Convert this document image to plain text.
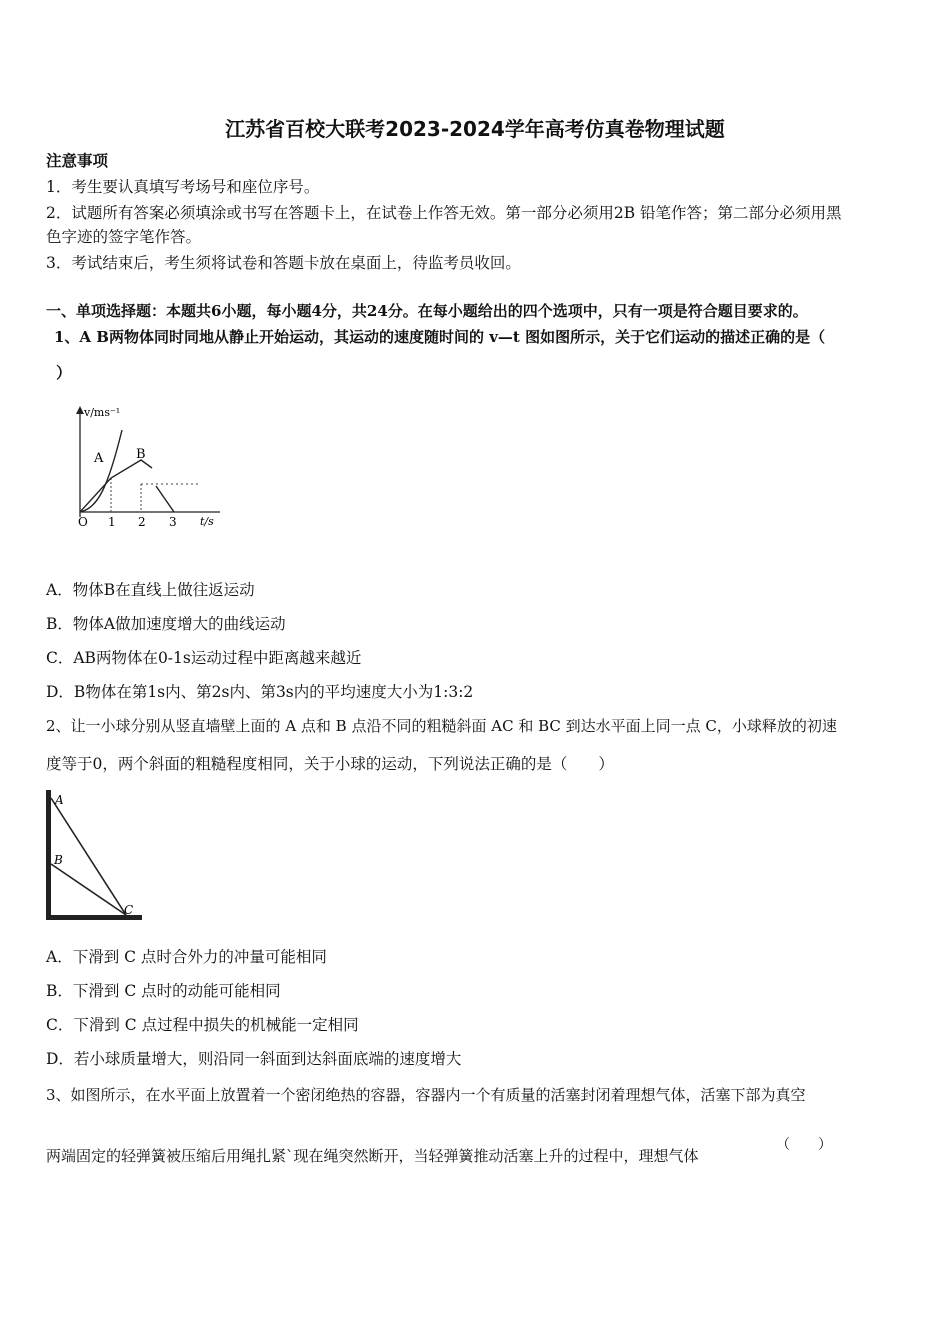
江苏省百校大联考2023-2024学年高考仿真卷物理试题
注意事项
1．考生要认真填写考场号和座位序号。
2．试题所有答案必须填涂或书写在答题卡上，在试卷上作答无效。第一部分必须用2B 铅笔作答；第二部分必须用黑
色字迹的签字笔作答。
3．考试结束后，考生须将试卷和答题卡放在桌面上，待监考员收回。
一、单项选择题：本题共6小题，每小题4分，共24分。在每小题给出的四个选项中，只有一项是符合题目要求的。
1、A B两物体同时同地从静止开始运动，其运动的速度随时间的 v—t 图如图所示，关于它们运动的描述正确的是（
）
v/ms⁻¹
t/s
O 1 2 3
A	B
A．物体B在直线上做往返运动
B．物体A做加速度增大的曲线运动
C．AB两物体在0-1s运动过程中距离越来越近
D．B物体在第1s内、第2s内、第3s内的平均速度大小为1:3:2
2、让一小球分别从竖直墙壁上面的 A 点和 B 点沿不同的粗糙斜面 AC 和 BC 到达水平面上同一点 C，小球释放的初速
度等于0，两个斜面的粗糙程度相同，关于小球的运动，下列说法正确的是（　　）
A
B
C
A．下滑到 C 点时合外力的冲量可能相同
B．下滑到 C 点时的动能可能相同
C．下滑到 C 点过程中损失的机械能一定相同
D．若小球质量增大，则沿同一斜面到达斜面底端的速度增大
3、如图所示，在水平面上放置着一个密闭绝热的容器，容器内一个有质量的活塞封闭着理想气体，活塞下部为真空
两端固定的轻弹簧被压缩后用绳扎紧`现在绳突然断开，当轻弹簧推动活塞上升的过程中，理想气体
（　　）
